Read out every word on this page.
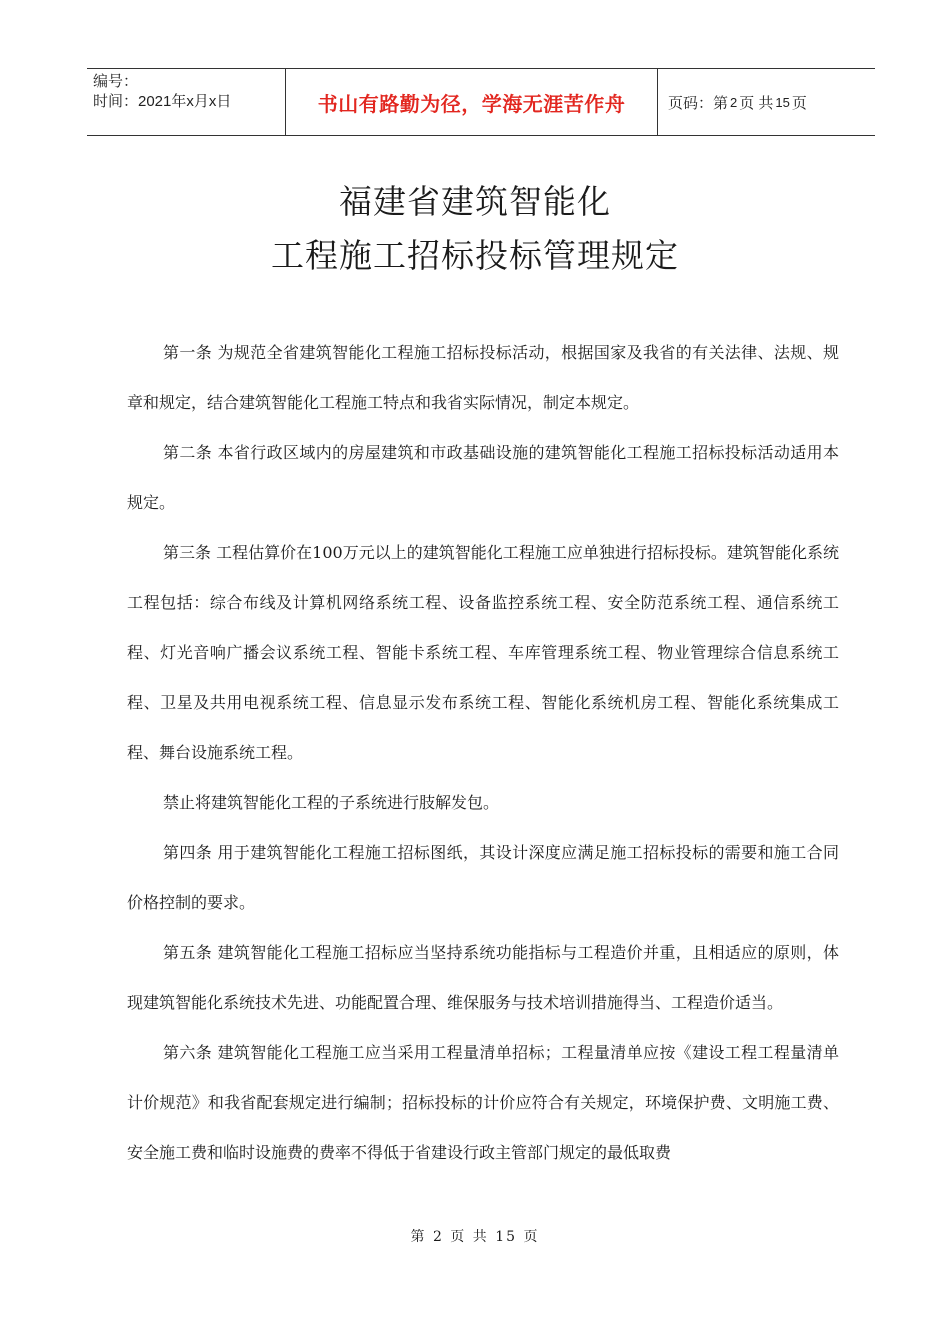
编号：
时间：2021年x月x日	书山有路勤为径，学海无涯苦作舟	页码：第 2 页 共 15 页
福建省建筑智能化
工程施工招标投标管理规定

第一条 为规范全省建筑智能化工程施工招标投标活动，根据国家及我省的有关法律、法规、规章和规定，结合建筑智能化工程施工特点和我省实际情况，制定本规定。

第二条 本省行政区域内的房屋建筑和市政基础设施的建筑智能化工程施工招标投标活动适用本规定。

第三条 工程估算价在100万元以上的建筑智能化工程施工应单独进行招标投标。建筑智能化系统工程包括：综合布线及计算机网络系统工程、设备监控系统工程、安全防范系统工程、通信系统工程、灯光音响广播会议系统工程、智能卡系统工程、车库管理系统工程、物业管理综合信息系统工程、卫星及共用电视系统工程、信息显示发布系统工程、智能化系统机房工程、智能化系统集成工程、舞台设施系统工程。

禁止将建筑智能化工程的子系统进行肢解发包。

第四条 用于建筑智能化工程施工招标图纸，其设计深度应满足施工招标投标的需要和施工合同价格控制的要求。

第五条 建筑智能化工程施工招标应当坚持系统功能指标与工程造价并重，且相适应的原则，体现建筑智能化系统技术先进、功能配置合理、维保服务与技术培训措施得当、工程造价适当。

第六条 建筑智能化工程施工应当采用工程量清单招标；工程量清单应按《建设工程工程量清单计价规范》和我省配套规定进行编制；招标投标的计价应符合有关规定，环境保护费、文明施工费、安全施工费和临时设施费的费率不得低于省建设行政主管部门规定的最低取费

第 2 页 共 15 页
